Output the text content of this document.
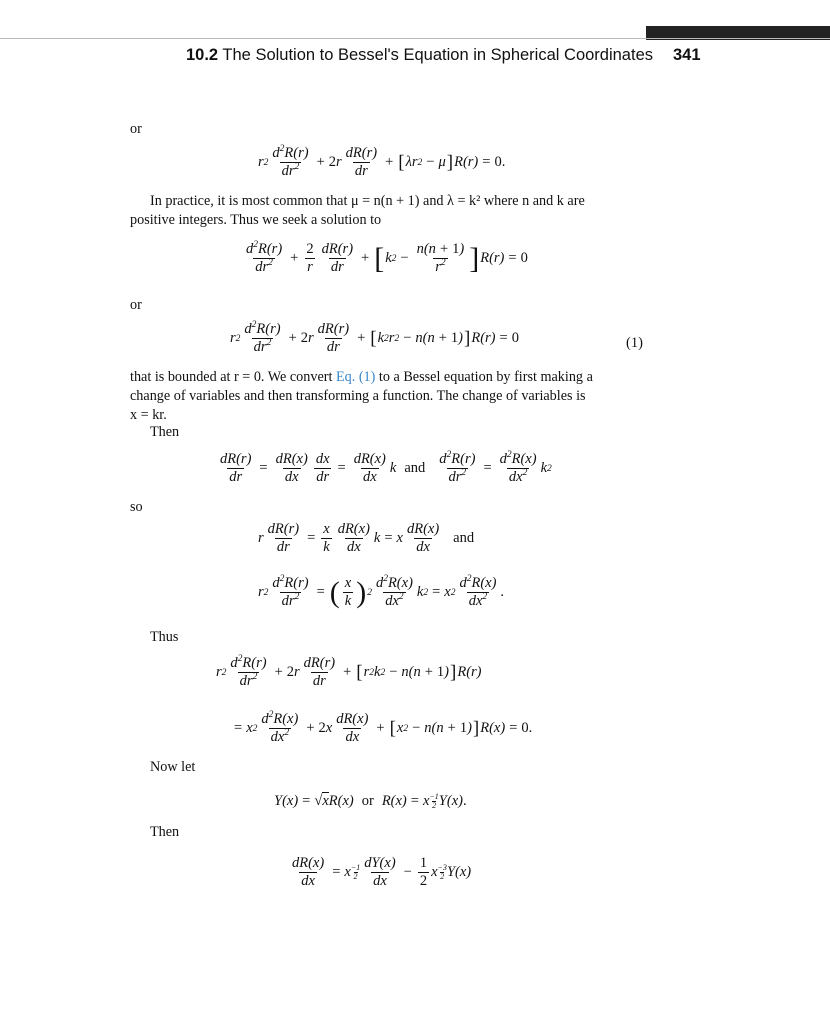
10.2 The Solution to Bessel's Equation in Spherical Coordinates 341
or
r $2 \frac{d^2R(r)}{dr^2} + 2$ r $\frac{dR(r)}{dr}$ + [ λr 2 − μ ] R(r) = 0.
In practice, it is most common that μ = n(n + 1) and λ = k² where n and k are
positive integers. Thus we seek a solution to
$\frac{d^2R(r)}{dr^2} + \frac{2}{r} \frac{dR(r)}{dr}$ + [ k $2 - \frac{n(n + 1)}{r^2}$ ] R(r) = 0
or
r $2 \frac{d^2R(r)}{dr^2} + 2$ r $\frac{dR(r)}{dr}$ + [ k 2 r 2 − n(n + 1 ) ] R(r) = 0	(1)
that is bounded at r = 0. We convert Eq. (1) to a Bessel equation by first making a
change of variables and then transforming a function. The change of variables is
x = kr.
Then
$\frac{dR(r)}{dr} = \frac{dR(x)}{dx} \frac{dx}{dr} = \frac{dR(x)}{dx}$ k and $\frac{d^2R(r)}{dr^2} = \frac{d^2R(x)}{dx^2}$ k 2
so
r $\frac{dR(r)}{dr} = \frac{x}{k} \frac{dR(x)}{dx}$ k = x $\frac{dR(x)}{dx}$ and
r $2 \frac{d^2R(r)}{dr^2}$ = ( $\frac{x}{k}$ ) $2 \frac{d^2R(x)}{dx^2}$ k 2 = x $2 \frac{d^2R(x)}{dx^2}$ .
Thus
r $2 \frac{d^2R(r)}{dr^2} + 2$ r $\frac{dR(r)}{dr}$ + [ r 2 k 2 − n(n + 1 ) ] R(r)
= x $2 \frac{d^2R(x)}{dx^2} + 2$ x $\frac{dR(x)}{dx}$ + [ x 2 − n(n + 1 ) ] R(x) = 0.
Now let
Y(x) = √ x R(x) or R(x) = x $\frac{-1}{2} Y(x)$ .
Then
$\frac{dR(x)}{dx} = x \frac{-1}{2} \frac{dY(x)}{dx} - \frac{1}{2}$ x −3
2 Y(x)
